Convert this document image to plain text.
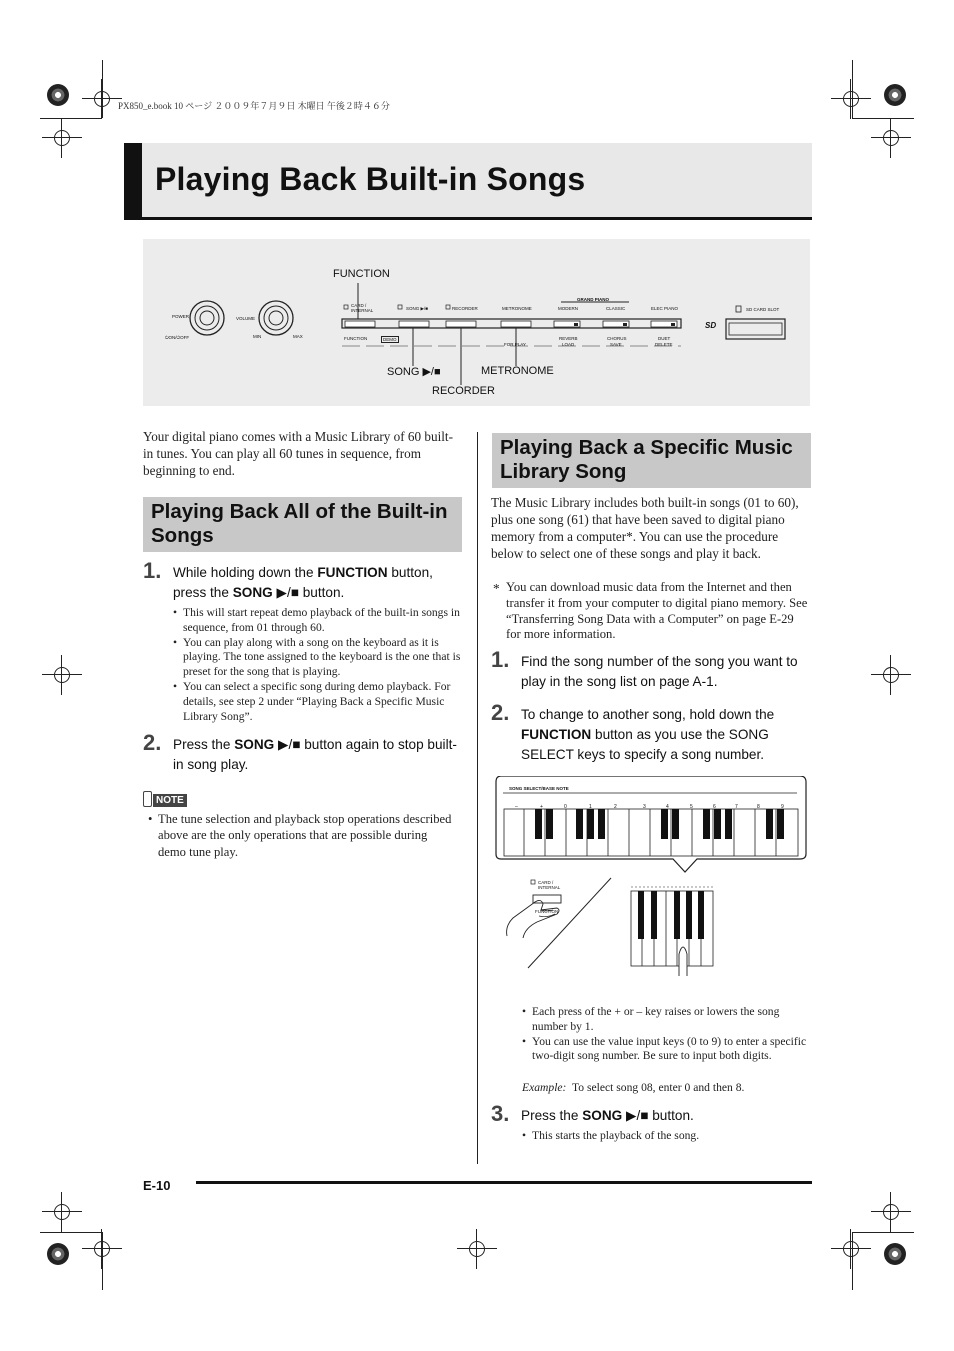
PX850_e.book 10 ページ ２００９年７月９日 木曜日 午後２時４６分
Playing Back Built-in Songs
FUNCTION
SONG ▶/■	METRONOME
RECORDER
POWER
⏻ON/⏻OFF
VOLUME
MIN	MAX
CARD / INTERNAL	SONG ▶/■	RECORDER	METRONOME
GRAND PIANO
MODERN	CLASSIC	ELEC PIANO	SD CARD SLOT
FUNCTION	DEMO
FOR PLAY
REVERB
LOAD
CHORUS
SAVE
DUET
DELETE
SD
Your digital piano comes with a Music Library of 60 built-in tunes. You can play all 60 tunes in sequence, from beginning to end.
Playing Back All of the Built-in Songs
1. While holding down the FUNCTION button, press the SONG ▶/■ button.
• This will start repeat demo playback of the built-in songs in sequence, from 01 through 60.
• You can play along with a song on the keyboard as it is playing. The tone assigned to the keyboard is the one that is preset for the song that is playing.
• You can select a specific song during demo playback. For details, see step 2 under “Playing Back a Specific Music Library Song”.
2. Press the SONG ▶/■ button again to stop built-in song play.
NOTE
• The tune selection and playback stop operations described above are the only operations that are possible during demo tune play.
Playing Back a Specific Music Library Song
The Music Library includes both built-in songs (01 to 60), plus one song (61) that have been saved to digital piano memory from a computer*. You can use the procedure below to select one of these songs and play it back.
* You can download music data from the Internet and then transfer it from your computer to digital piano memory. See “Transferring Song Data with a Computer” on page E-29 for more information.
1. Find the song number of the song you want to play in the song list on page A-1.
2. To change to another song, hold down the FUNCTION button as you use the SONG SELECT keys to specify a song number.
SONG SELECT/BASE NOTE
–	+	0	1	2	3	4	5	6	7	8	9
CARD / INTERNAL
FUNCTION
• Each press of the + or – key raises or lowers the song number by 1.
• You can use the value input keys (0 to 9) to enter a specific two-digit song number. Be sure to input both digits.
Example: To select song 08, enter 0 and then 8.
3. Press the SONG ▶/■ button.
• This starts the playback of the song.
E-10
